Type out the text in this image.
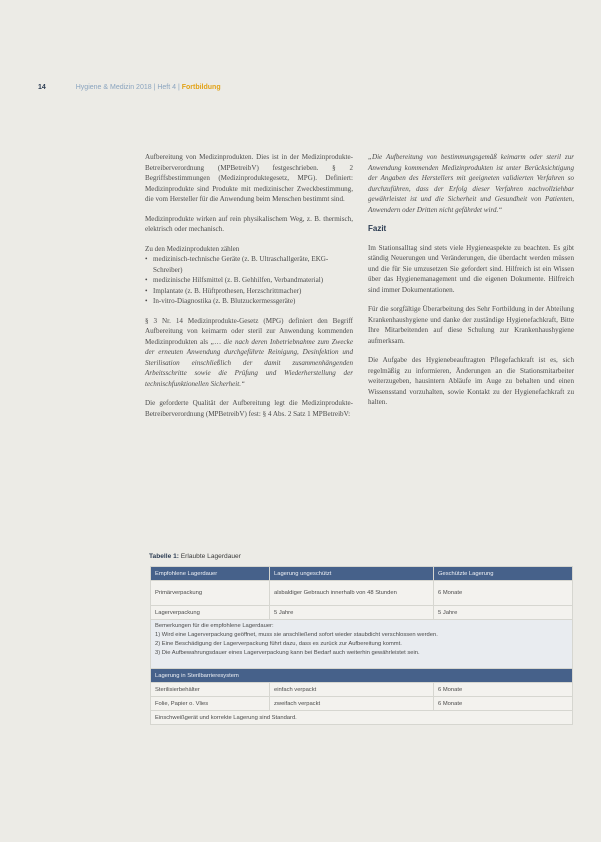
14	Hygiene & Medizin 2018 | Heft 4 | Fortbildung

Aufbereitung von Medizinprodukten. Dies ist in der Medizinprodukte-Betreiberverordnung (MPBetreibV) festgeschrieben. § 2 Begriffsbestimmungen (Medizinproduktegesetz, MPG). Definiert: Medizinprodukte sind Produkte mit medizinischer Zweckbestimmung, die vom Hersteller für die Anwendung beim Menschen bestimmt sind.

Medizinprodukte wirken auf rein physikalischem Weg, z. B. thermisch, elektrisch oder mechanisch.

Zu den Medizinprodukten zählen
• medizinisch-technische Geräte (z. B. Ultraschallgeräte, EKG-Schreiber)
• medizinische Hilfsmittel (z. B. Gehhilfen, Verbandmaterial)
• Implantate (z. B. Hüftprothesen, Herzschrittmacher)
• In-vitro-Diagnostika (z. B. Blutzuckermessgeräte)

§ 3 Nr. 14 Medizinprodukte-Gesetz (MPG) definiert den Begriff Aufbereitung von keimarm oder steril zur Anwendung kommenden Medizinprodukten als „… die nach deren Inbetriebnahme zum Zwecke der erneuten Anwendung durchgeführte Reinigung, Desinfektion und Sterilisation einschließlich der damit zusammenhängenden Arbeitsschritte sowie die Prüfung und Wiederherstellung der technischfunktionellen Sicherheit.“

Die geforderte Qualität der Aufbereitung legt die Medizinprodukte-Betreiberverordnung (MPBetreibV) fest: § 4 Abs. 2 Satz 1 MPBetreibV:

„Die Aufbereitung von bestimmungsgemäß keimarm oder steril zur Anwendung kommenden Medizinprodukten ist unter Berücksichtigung der Angaben des Herstellers mit geeigneten validierten Verfahren so durchzuführen, dass der Erfolg dieser Verfahren nachvollziehbar gewährleistet ist und die Sicherheit und Gesundheit von Patienten, Anwendern oder Dritten nicht gefährdet wird.“

Fazit

Im Stationsalltag sind stets viele Hygieneaspekte zu beachten. Es gibt ständig Neuerungen und Veränderungen, die überdacht werden müssen und die für Sie umzusetzen Sie gefordert sind. Hilfreich ist ein Wissen über das Hygienemanagement und die eigenen Dokumente. Hilfreich sind immer Dokumentationen.

Für die sorgfältige Überarbeitung des Sehr Fortbildung in der Abteilung Krankenhaushygiene und danke der zuständige Hygienefachkraft, Bitte Ihre Mitarbeitenden auf diese Schulung zur Krankenhaushygiene aufmerksam.

Die Aufgabe des Hygienebeauftragten Pflegefachkraft ist es, sich regelmäßig zu informieren, Änderungen an die Stationsmitarbeiter weiterzugeben, hausintern Abläufe im Auge zu behalten und einen Wissensstand vorzuhalten, sowie Kontakt zu der Hygienefachkraft zu halten.

Tabelle 1: Erlaubte Lagerdauer
Empfohlene Lagerdauer	Lagerung ungeschützt	Geschützte Lagerung
Primärverpackung	alsbaldiger Gebrauch innerhalb von 48 Stunden	6 Monate
Lagerverpackung	5 Jahre	5 Jahre

Bemerkungen für die empfohlene Lagerdauer:
1) Wird eine Lagerverpackung geöffnet, muss sie anschließend sofort wieder staubdicht verschlossen werden.
2) Eine Beschädigung der Lagerverpackung führt dazu, dass es zurück zur Aufbereitung kommt.
3) Die Aufbewahrungsdauer eines Lagerverpackung kann bei Bedarf auch weiterhin gewährleistet sein.		

Lagerung in Sterilbarrieresystem		
Sterilisierbehälter	einfach verpackt	6 Monate
Folie, Papier o. Vlies	zweifach verpackt	6 Monate
Einschweißgerät und korrekte Lagerung sind Standard.		
